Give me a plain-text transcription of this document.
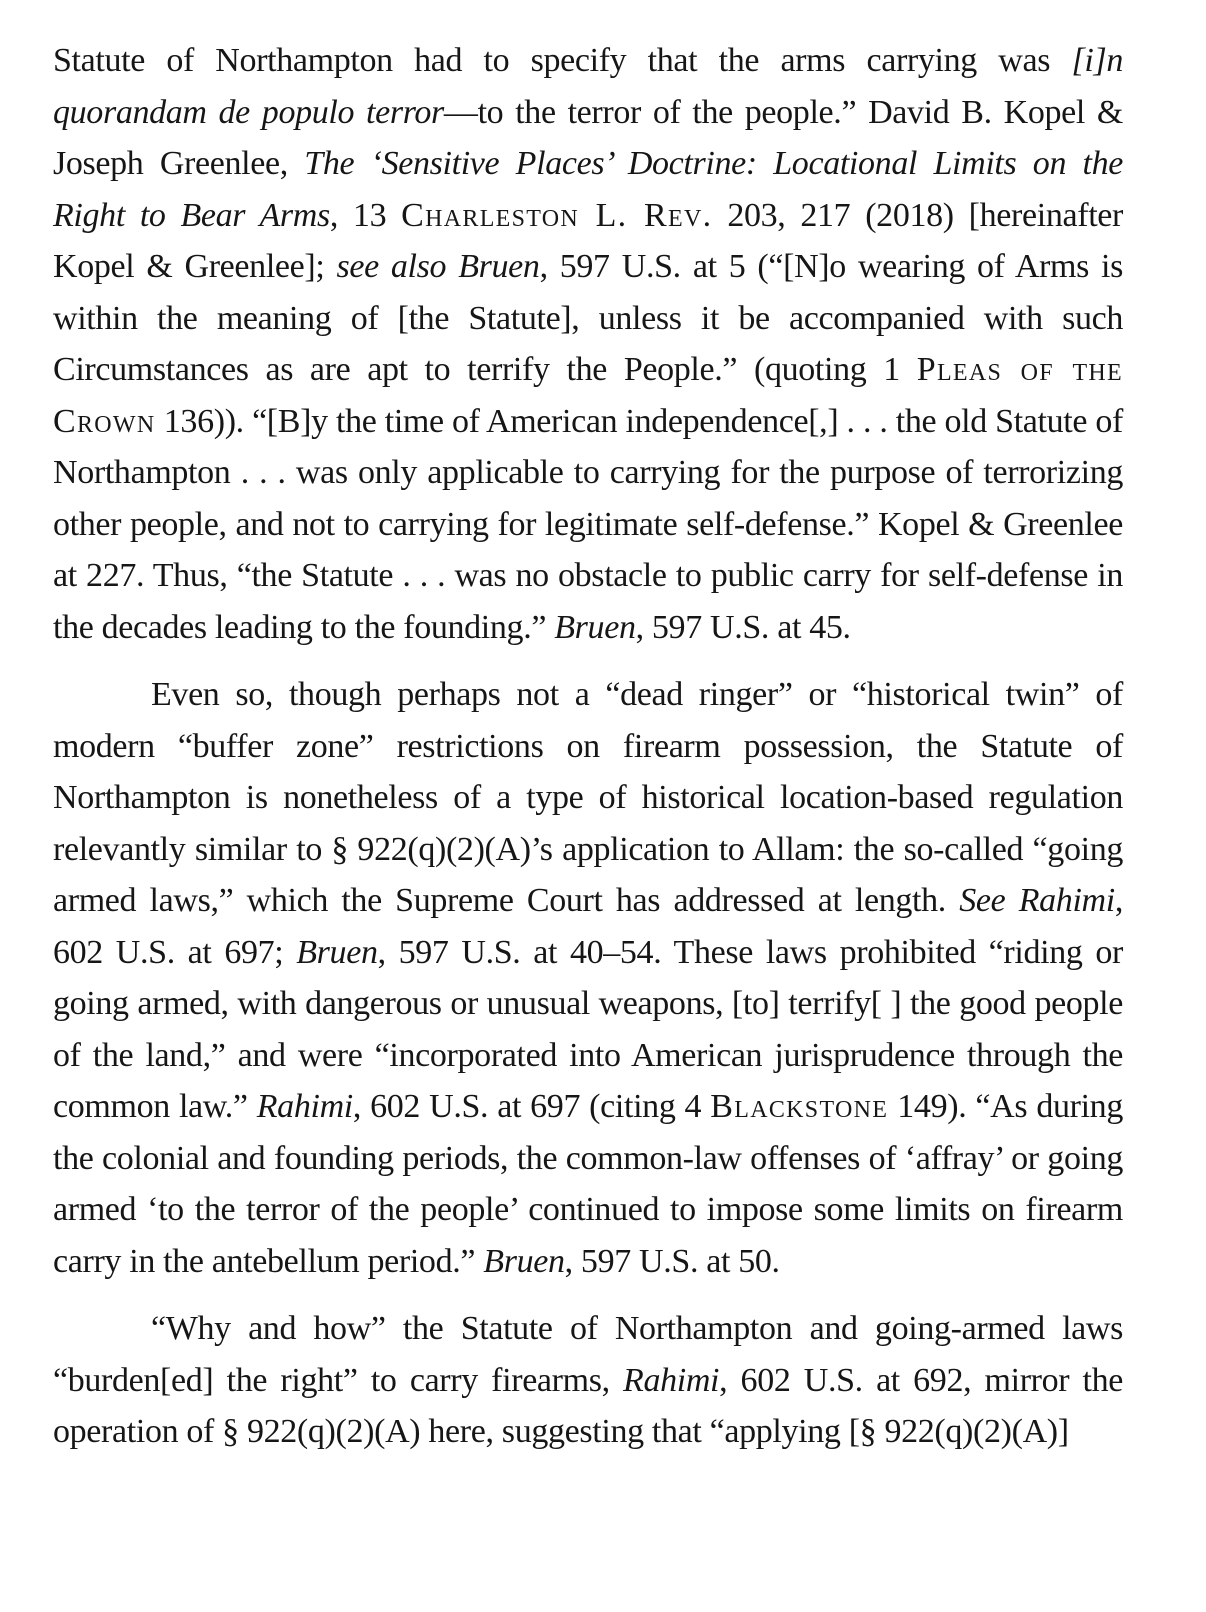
Statute of Northampton had to specify that the arms carrying was [i]n quorandam de populo terror—to the terror of the people.” David B. Kopel & Joseph Greenlee, The ‘Sensitive Places’ Doctrine: Locational Limits on the Right to Bear Arms, 13 Charleston L. Rev. 203, 217 (2018) [hereinafter Kopel & Greenlee]; see also Bruen, 597 U.S. at 5 (“[N]o wearing of Arms is within the meaning of [the Statute], unless it be accompanied with such Circumstances as are apt to terrify the People.” (quoting 1 Pleas of the Crown 136)). “[B]y the time of American independence[,] . . . the old Statute of Northampton . . . was only applicable to carrying for the purpose of terrorizing other people, and not to carrying for legitimate self-defense.” Kopel & Greenlee at 227. Thus, “the Statute . . . was no obstacle to public carry for self-defense in the decades leading to the founding.” Bruen, 597 U.S. at 45.

Even so, though perhaps not a “dead ringer” or “historical twin” of modern “buffer zone” restrictions on firearm possession, the Statute of Northampton is nonetheless of a type of historical location-based regulation relevantly similar to § 922(q)(2)(A)’s application to Allam: the so-called “going armed laws,” which the Supreme Court has addressed at length. See Rahimi, 602 U.S. at 697; Bruen, 597 U.S. at 40–54. These laws prohibited “riding or going armed, with dangerous or unusual weapons, [to] terrify[ ] the good people of the land,” and were “incorporated into American jurisprudence through the common law.” Rahimi, 602 U.S. at 697 (citing 4 Blackstone 149). “As during the colonial and founding periods, the common-law offenses of ‘affray’ or going armed ‘to the terror of the people’ continued to impose some limits on firearm carry in the antebellum period.” Bruen, 597 U.S. at 50.

“Why and how” the Statute of Northampton and going-armed laws “burden[ed] the right” to carry firearms, Rahimi, 602 U.S. at 692, mirror the operation of § 922(q)(2)(A) here, suggesting that “applying [§ 922(q)(2)(A)]
